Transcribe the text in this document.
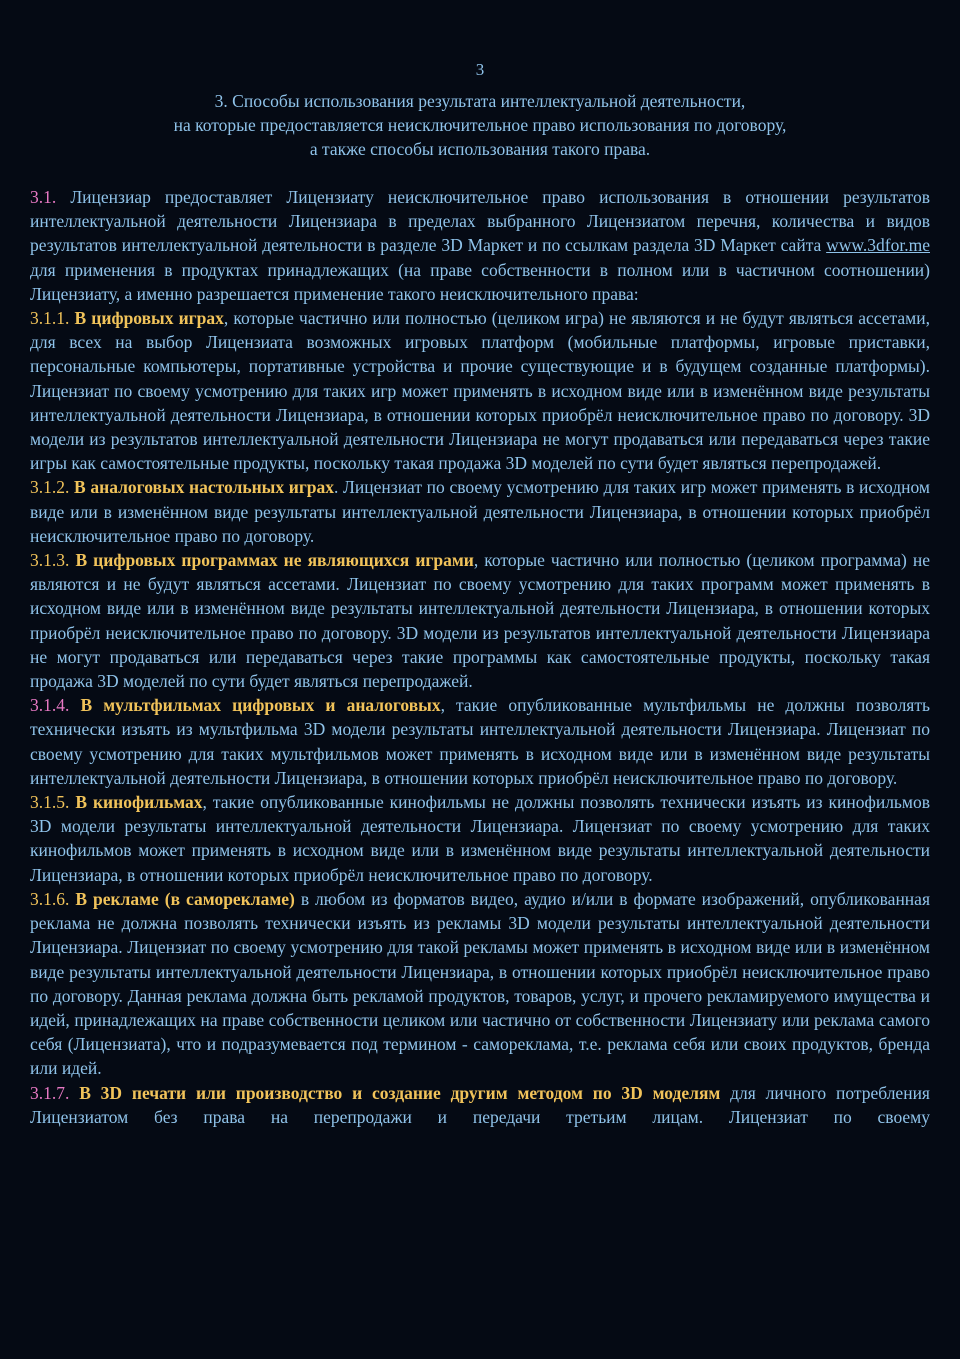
3
3. Способы использования результата интеллектуальной деятельности,
на которые предоставляется неисключительное право использования по договору,
а также способы использования такого права.

3.1. Лицензиар предоставляет Лицензиату неисключительное право использования в отношении результатов интеллектуальной деятельности Лицензиара в пределах выбранного Лицензиатом перечня, количества и видов результатов интеллектуальной деятельности в разделе 3D Маркет и по ссылкам раздела 3D Маркет сайта www.3dfor.me для применения в продуктах принадлежащих (на праве собственности в полном или в частичном соотношении) Лицензиату, а именно разрешается применение такого неисключительного права:

3.1.1. В цифровых играх, которые частично или полностью (целиком игра) не являются и не будут являться ассетами, для всех на выбор Лицензиата возможных игровых платформ (мобильные платформы, игровые приставки, персональные компьютеры, портативные устройства и прочие существующие и в будущем созданные платформы). Лицензиат по своему усмотрению для таких игр может применять в исходном виде или в изменённом виде результаты интеллектуальной деятельности Лицензиара, в отношении которых приобрёл неисключительное право по договору. 3D модели из результатов интеллектуальной деятельности Лицензиара не могут продаваться или передаваться через такие игры как самостоятельные продукты, поскольку такая продажа 3D моделей по сути будет являться перепродажей.

3.1.2. В аналоговых настольных играх. Лицензиат по своему усмотрению для таких игр может применять в исходном виде или в изменённом виде результаты интеллектуальной деятельности Лицензиара, в отношении которых приобрёл неисключительное право по договору.

3.1.3. В цифровых программах не являющихся играми, которые частично или полностью (целиком программа) не являются и не будут являться ассетами. Лицензиат по своему усмотрению для таких программ может применять в исходном виде или в изменённом виде результаты интеллектуальной деятельности Лицензиара, в отношении которых приобрёл неисключительное право по договору. 3D модели из результатов интеллектуальной деятельности Лицензиара не могут продаваться или передаваться через такие программы как самостоятельные продукты, поскольку такая продажа 3D моделей по сути будет являться перепродажей.

3.1.4. В мультфильмах цифровых и аналоговых, такие опубликованные мультфильмы не должны позволять технически изъять из мультфильма 3D модели результаты интеллектуальной деятельности Лицензиара. Лицензиат по своему усмотрению для таких мультфильмов может применять в исходном виде или в изменённом виде результаты интеллектуальной деятельности Лицензиара, в отношении которых приобрёл неисключительное право по договору.

3.1.5. В кинофильмах, такие опубликованные кинофильмы не должны позволять технически изъять из кинофильмов 3D модели результаты интеллектуальной деятельности Лицензиара. Лицензиат по своему усмотрению для таких кинофильмов может применять в исходном виде или в изменённом виде результаты интеллектуальной деятельности Лицензиара, в отношении которых приобрёл неисключительное право по договору.

3.1.6. В рекламе (в саморекламе) в любом из форматов видео, аудио и/или в формате изображений, опубликованная реклама не должна позволять технически изъять из рекламы 3D модели результаты интеллектуальной деятельности Лицензиара. Лицензиат по своему усмотрению для такой рекламы может применять в исходном виде или в изменённом виде результаты интеллектуальной деятельности Лицензиара, в отношении которых приобрёл неисключительное право по договору. Данная реклама должна быть рекламой продуктов, товаров, услуг, и прочего рекламируемого имущества и идей, принадлежащих на праве собственности целиком или частично от собственности Лицензиату или реклама самого себя (Лицензиата), что и подразумевается под термином - самореклама, т.е. реклама себя или своих продуктов, бренда или идей.

3.1.7. В 3D печати или производство и создание другим методом по 3D моделям для личного потребления Лицензиатом без права на перепродажи и передачи третьим лицам. Лицензиат по своему
